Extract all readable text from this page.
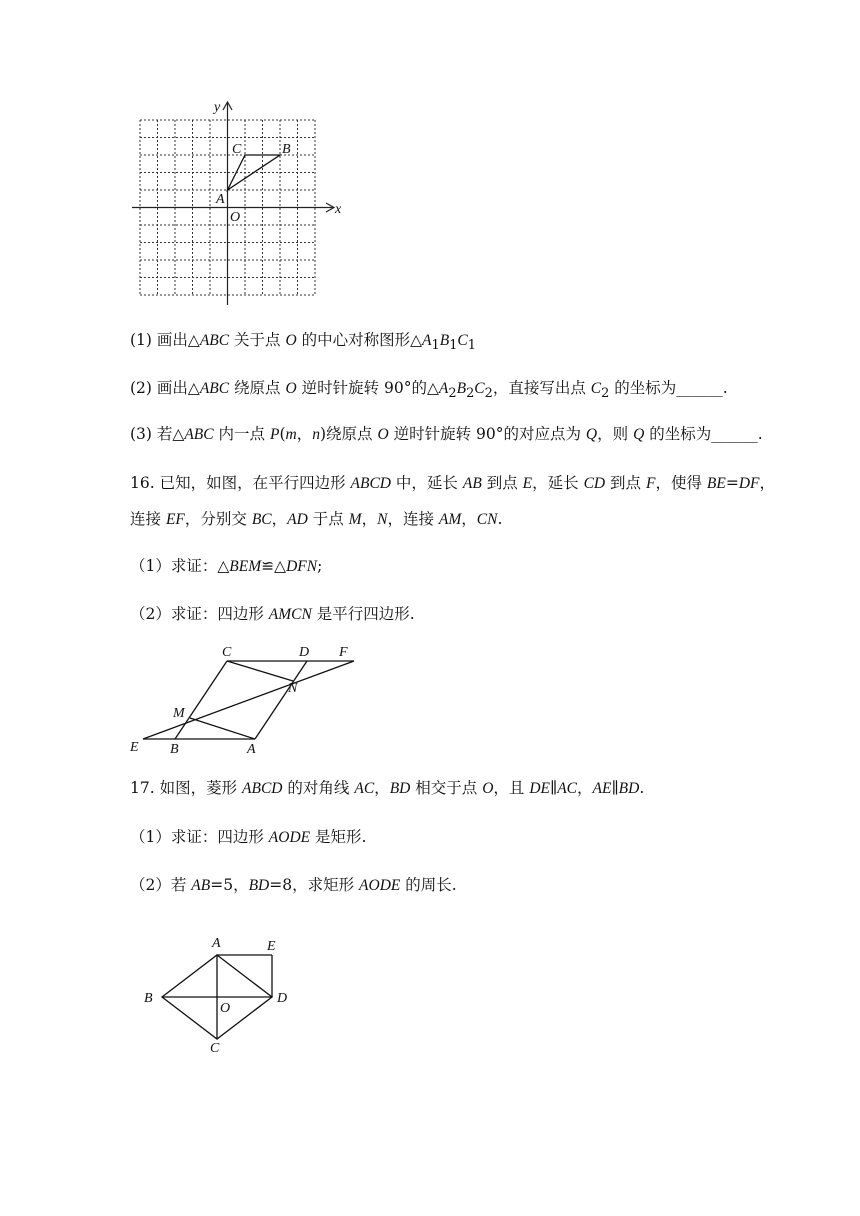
y
x
C	B
A
O
(1) 画出△ABC 关于点 O 的中心对称图形$\triangle A_1B_1C_1$
(2) 画出△ABC 绕原点 O 逆时针旋转 90°的$\triangle A_2B_2C_2$，直接写出点 $C_2$ 的坐标为______.
(3) 若△ABC 内一点 P(m，n)绕原点 O 逆时针旋转 90°的对应点为 Q，则 Q 的坐标为______.
16. 已知，如图，在平行四边形 ABCD 中，延长 AB 到点 E，延长 CD 到点 F，使得 BE=DF，
连接 EF，分别交 BC，AD 于点 M，N，连接 AM，CN.
（1）求证：△BEM≌△DFN;
（2）求证：四边形 AMCN 是平行四边形.
C	D F
N
M
E B	A
17. 如图，菱形 ABCD 的对角线 AC，BD 相交于点 O，且 DE∥AC，AE∥BD.
（1）求证：四边形 AODE 是矩形.
（2）若 AB=5，BD=8，求矩形 AODE 的周长.
A	E
B
O
D
C
